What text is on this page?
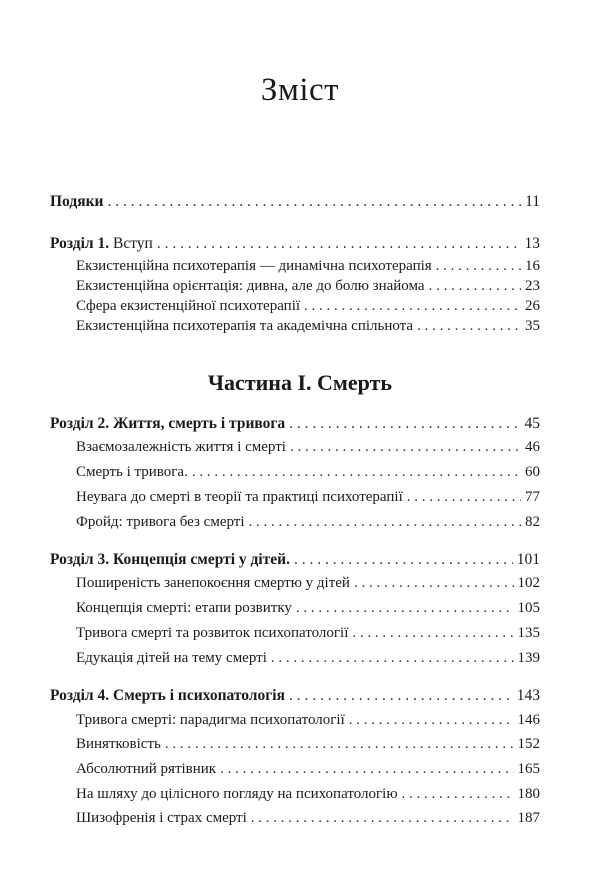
Зміст
Подяки . . .	11
Розділ 1. Вступ . . .	13
Екзистенційна психотерапія — динамічна психотерапія . . .	16
Екзистенційна орієнтація: дивна, але до болю знайома . . .	23
Сфера екзистенційної психотерапії . . .	26
Екзистенційна психотерапія та академічна спільнота . . .	35
Частина I. Смерть
Розділ 2. Життя, смерть і тривога . . .	45
Взаємозалежність життя і смерті . . .	46
Смерть і тривога. . . .	60
Неувага до смерті в теорії та практиці психотерапії . . .	77
Фройд: тривога без смерті . . .	82
Розділ 3. Концепція смерті у дітей. . . .	101
Поширеність занепокоєння смертю у дітей . . .	102
Концепція смерті: етапи розвитку . . .	105
Тривога смерті та розвиток психопатології . . .	135
Едукація дітей на тему смерті . . .	139
Розділ 4. Смерть і психопатологія . . .	143
Тривога смерті: парадигма психопатології . . .	146
Винятковість . . .	152
Абсолютний рятівник . . .	165
На шляху до цілісного погляду на психопатологію . . .	180
Шизофренія і страх смерті . . .	187
